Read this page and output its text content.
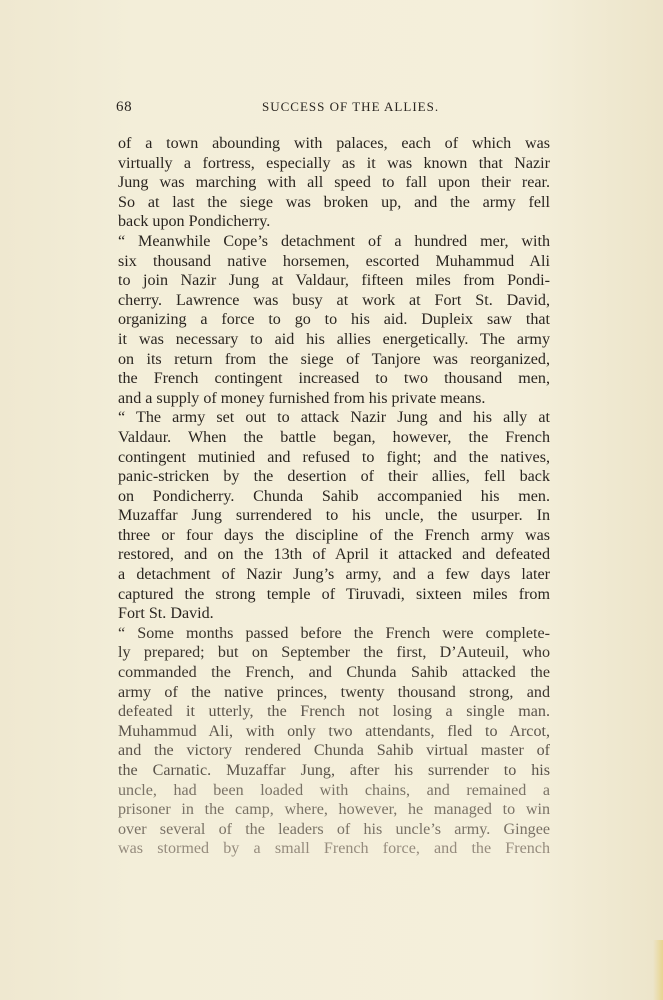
68	SUCCESS OF THE ALLIES.
of a town abounding with palaces, each of which was
virtually a fortress, especially as it was known that Nazir
Jung was marching with all speed to fall upon their rear.
So at last the siege was broken up, and the army fell
back upon Pondicherry.
“ Meanwhile Cope’s detachment of a hundred mer, with
six thousand native horsemen, escorted Muhammud Ali
to join Nazir Jung at Valdaur, fifteen miles from Pondi-
cherry. Lawrence was busy at work at Fort St. David,
organizing a force to go to his aid. Dupleix saw that
it was necessary to aid his allies energetically. The army
on its return from the siege of Tanjore was reorganized,
the French contingent increased to two thousand men,
and a supply of money furnished from his private means.
“ The army set out to attack Nazir Jung and his ally at
Valdaur. When the battle began, however, the French
contingent mutinied and refused to fight; and the natives,
panic-stricken by the desertion of their allies, fell back
on Pondicherry. Chunda Sahib accompanied his men.
Muzaffar Jung surrendered to his uncle, the usurper. In
three or four days the discipline of the French army was
restored, and on the 13th of April it attacked and defeated
a detachment of Nazir Jung’s army, and a few days later
captured the strong temple of Tiruvadi, sixteen miles from
Fort St. David.
“ Some months passed before the French were complete-
ly prepared; but on September the first, D’Auteuil, who
commanded the French, and Chunda Sahib attacked the
army of the native princes, twenty thousand strong, and
defeated it utterly, the French not losing a single man.
Muhammud Ali, with only two attendants, fled to Arcot,
and the victory rendered Chunda Sahib virtual master of
the Carnatic. Muzaffar Jung, after his surrender to his
uncle, had been loaded with chains, and remained a
prisoner in the camp, where, however, he managed to win
over several of the leaders of his uncle’s army. Gingee
was stormed by a small French force, and the French
